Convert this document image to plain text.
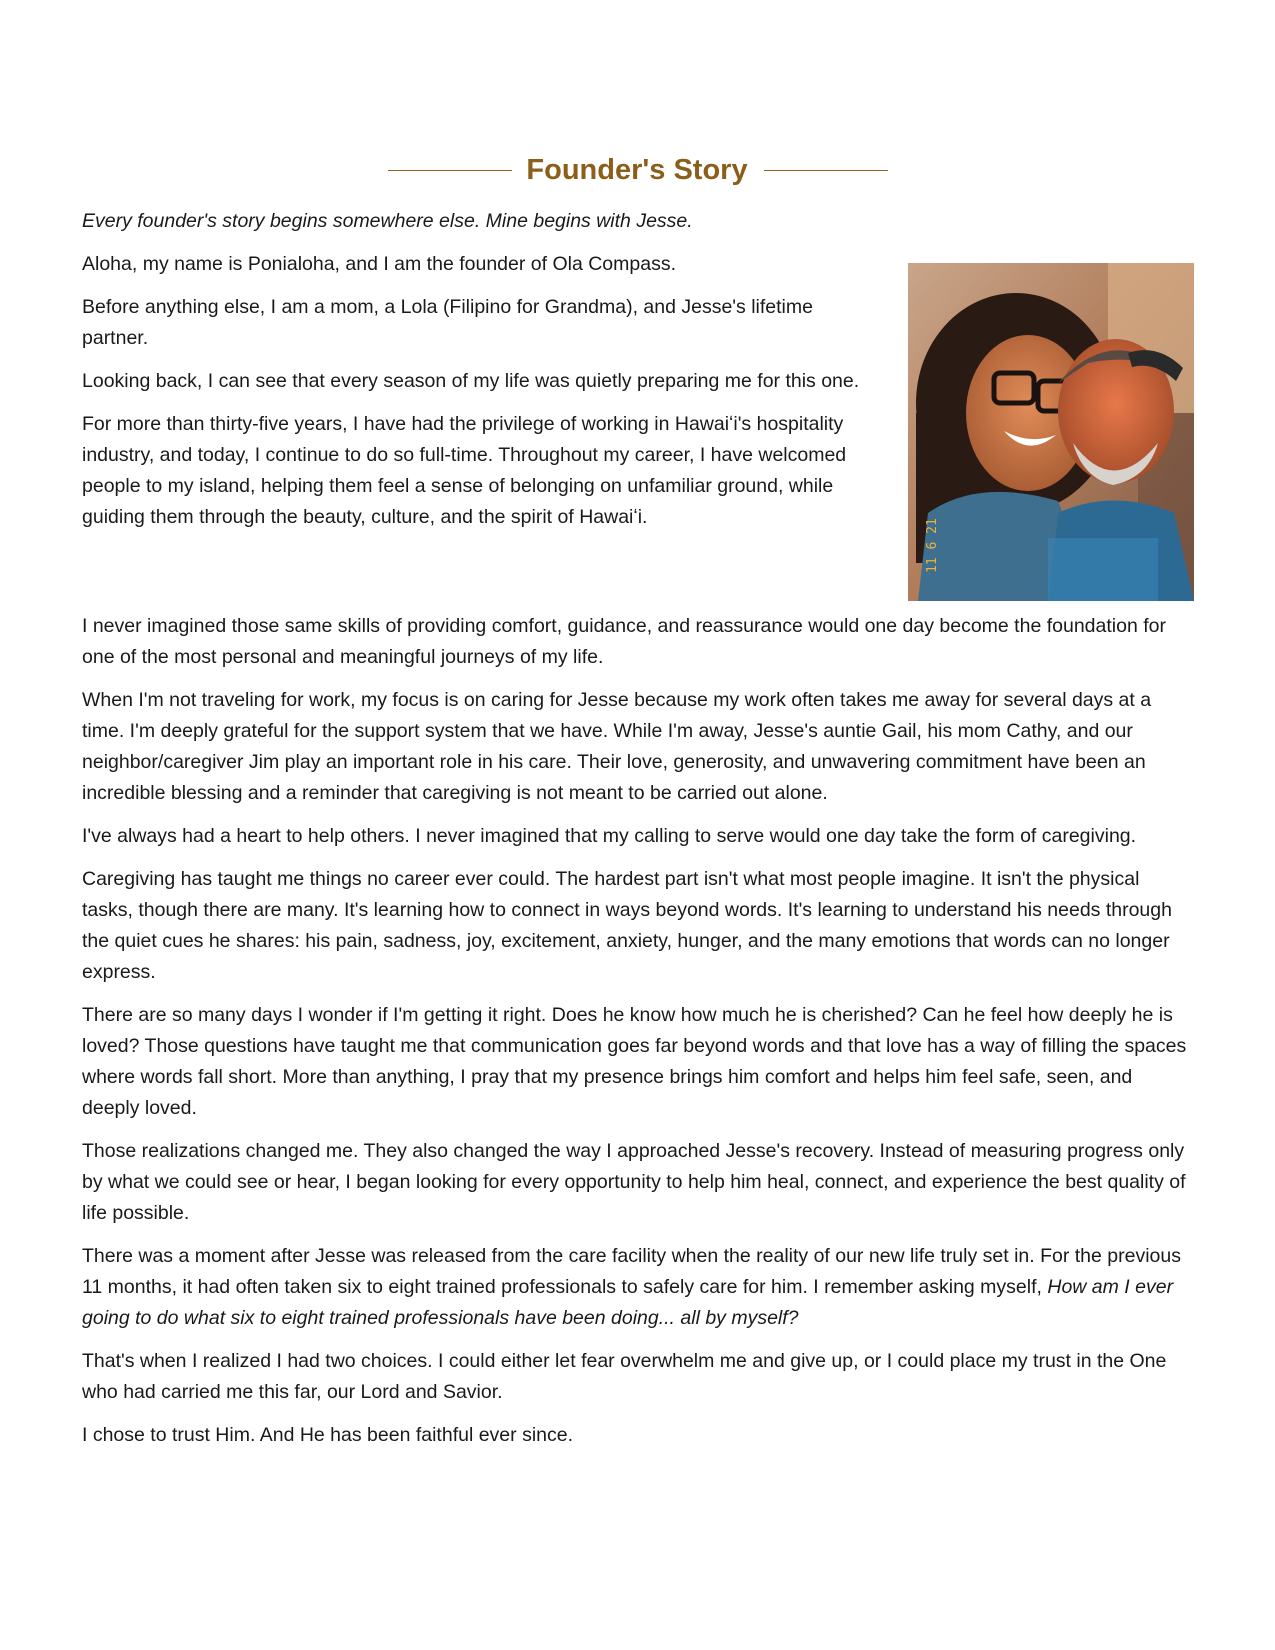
Founder's Story

Every founder's story begins somewhere else. Mine begins with Jesse.

11 6 21

Aloha, my name is Ponialoha, and I am the founder of Ola Compass.

Before anything else, I am a mom, a Lola (Filipino for Grandma), and Jesse's lifetime partner.

Looking back, I can see that every season of my life was quietly preparing me for this one.

For more than thirty-five years, I have had the privilege of working in Hawaiʻi's hospitality industry, and today, I continue to do so full-time. Throughout my career, I have welcomed people to my island, helping them feel a sense of belonging on unfamiliar ground, while guiding them through the beauty, culture, and the spirit of Hawaiʻi.

I never imagined those same skills of providing comfort, guidance, and reassurance would one day become the foundation for one of the most personal and meaningful journeys of my life.

When I'm not traveling for work, my focus is on caring for Jesse because my work often takes me away for several days at a time. I'm deeply grateful for the support system that we have. While I'm away, Jesse's auntie Gail, his mom Cathy, and our neighbor/caregiver Jim play an important role in his care. Their love, generosity, and unwavering commitment have been an incredible blessing and a reminder that caregiving is not meant to be carried out alone.

I've always had a heart to help others. I never imagined that my calling to serve would one day take the form of caregiving.

Caregiving has taught me things no career ever could. The hardest part isn't what most people imagine. It isn't the physical tasks, though there are many. It's learning how to connect in ways beyond words. It's learning to understand his needs through the quiet cues he shares: his pain, sadness, joy, excitement, anxiety, hunger, and the many emotions that words can no longer express.

There are so many days I wonder if I'm getting it right. Does he know how much he is cherished? Can he feel how deeply he is loved? Those questions have taught me that communication goes far beyond words and that love has a way of filling the spaces where words fall short. More than anything, I pray that my presence brings him comfort and helps him feel safe, seen, and deeply loved.

Those realizations changed me. They also changed the way I approached Jesse's recovery. Instead of measuring progress only by what we could see or hear, I began looking for every opportunity to help him heal, connect, and experience the best quality of life possible.

There was a moment after Jesse was released from the care facility when the reality of our new life truly set in. For the previous 11 months, it had often taken six to eight trained professionals to safely care for him. I remember asking myself, How am I ever going to do what six to eight trained professionals have been doing... all by myself?

That's when I realized I had two choices. I could either let fear overwhelm me and give up, or I could place my trust in the One who had carried me this far, our Lord and Savior.

I chose to trust Him. And He has been faithful ever since.
